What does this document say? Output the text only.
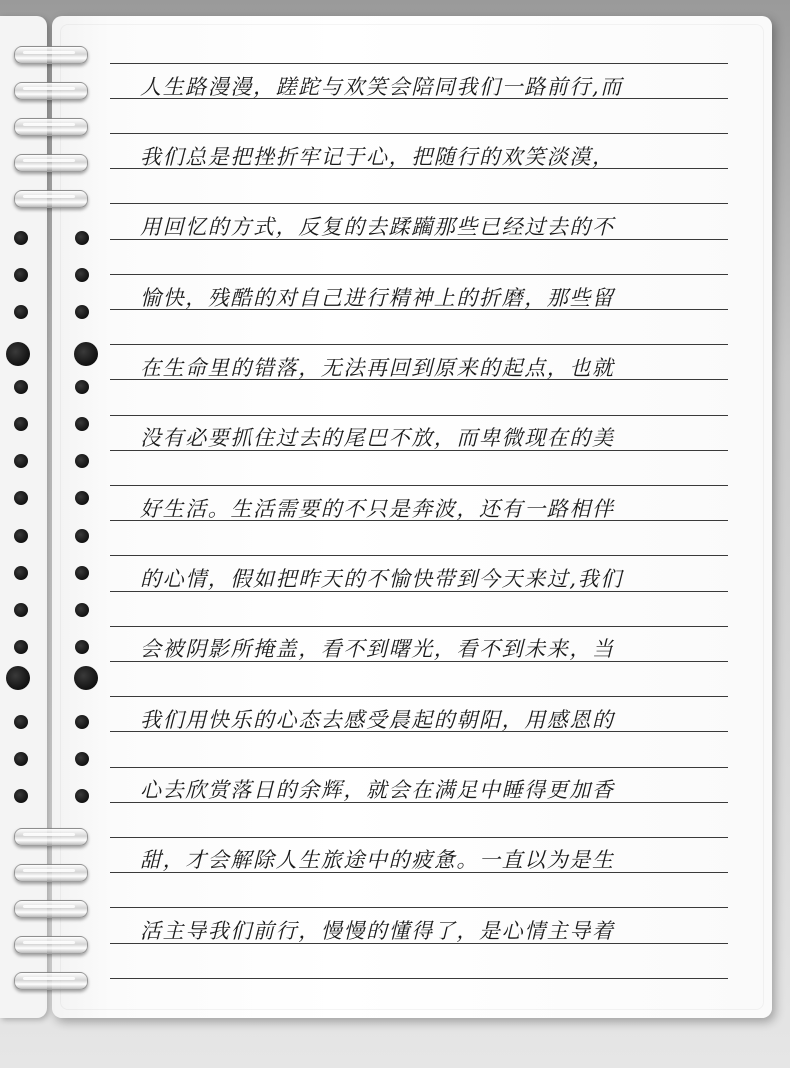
人生路漫漫，蹉跎与欢笑会陪同我们一路前行,而
我们总是把挫折牢记于心，把随行的欢笑淡漠，
用回忆的方式，反复的去蹂躏那些已经过去的不
愉快，残酷的对自己进行精神上的折磨，那些留
在生命里的错落，无法再回到原来的起点，也就
没有必要抓住过去的尾巴不放，而卑微现在的美
好生活。生活需要的不只是奔波，还有一路相伴
的心情，假如把昨天的不愉快带到今天来过,我们
会被阴影所掩盖，看不到曙光，看不到未来，当
我们用快乐的心态去感受晨起的朝阳，用感恩的
心去欣赏落日的余辉，就会在满足中睡得更加香
甜，才会解除人生旅途中的疲惫。一直以为是生
活主导我们前行，慢慢的懂得了，是心情主导着
